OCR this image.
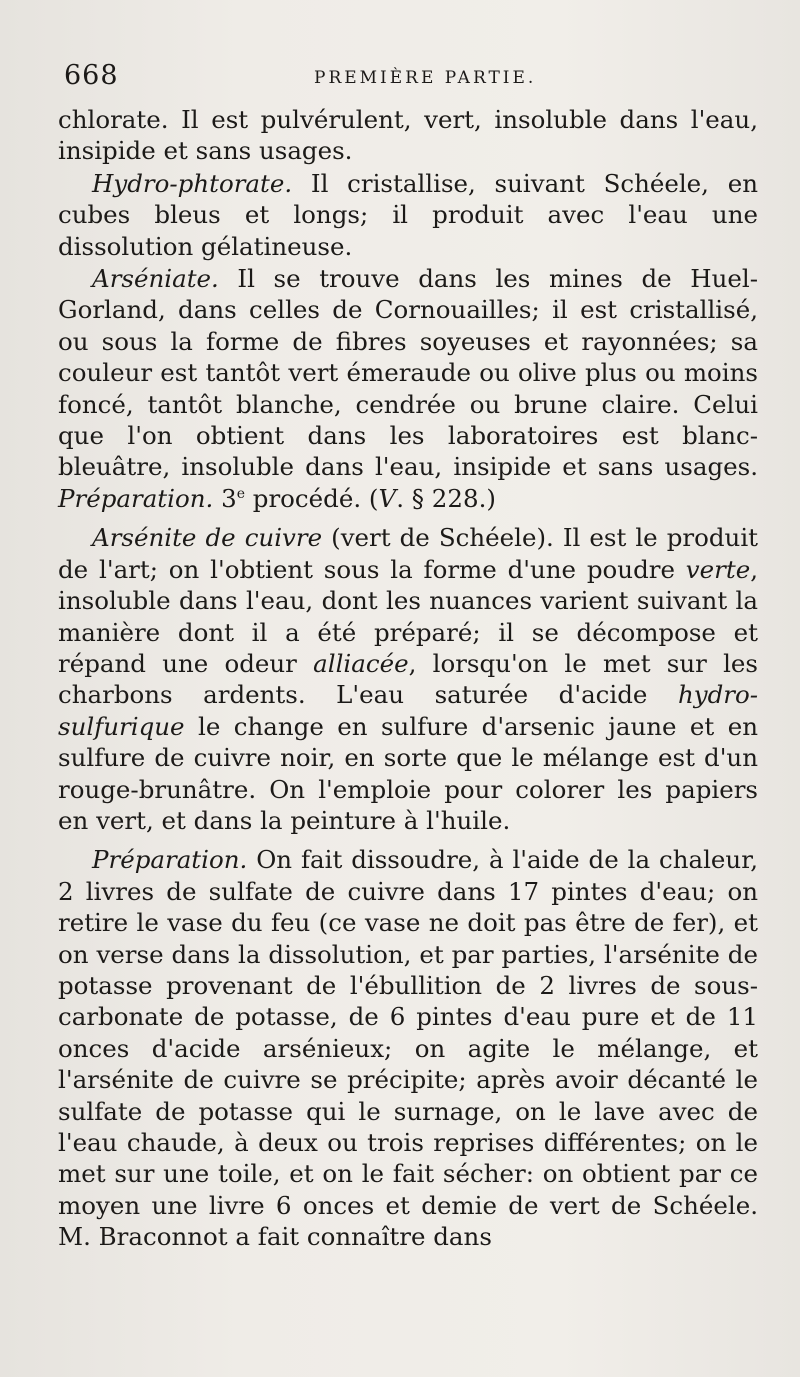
668	PREMIÈRE PARTIE.

chlorate. Il est pulvérulent, vert, insoluble dans l'eau, insipide et sans usages.

Hydro-phtorate. Il cristallise, suivant Schéele, en cubes bleus et longs; il produit avec l'eau une dissolution gélatineuse.

Arséniate. Il se trouve dans les mines de Huel-Gorland, dans celles de Cornouailles; il est cristallisé, ou sous la forme de fibres soyeuses et rayonnées; sa couleur est tantôt vert émeraude ou olive plus ou moins foncé, tantôt blanche, cendrée ou brune claire. Celui que l'on obtient dans les laboratoires est blanc-bleuâtre, insoluble dans l'eau, insipide et sans usages. Préparation. 3e procédé. (V. § 228.)

Arsénite de cuivre (vert de Schéele). Il est le produit de l'art; on l'obtient sous la forme d'une poudre verte, insoluble dans l'eau, dont les nuances varient suivant la manière dont il a été préparé; il se décompose et répand une odeur alliacée, lorsqu'on le met sur les charbons ardents. L'eau saturée d'acide hydro-sulfurique le change en sulfure d'arsenic jaune et en sulfure de cuivre noir, en sorte que le mélange est d'un rouge-brunâtre. On l'emploie pour colorer les papiers en vert, et dans la peinture à l'huile.

Préparation. On fait dissoudre, à l'aide de la chaleur, 2 livres de sulfate de cuivre dans 17 pintes d'eau; on retire le vase du feu (ce vase ne doit pas être de fer), et on verse dans la dissolution, et par parties, l'arsénite de potasse provenant de l'ébullition de 2 livres de sous-carbonate de potasse, de 6 pintes d'eau pure et de 11 onces d'acide arsénieux; on agite le mélange, et l'arsénite de cuivre se précipite; après avoir décanté le sulfate de potasse qui le surnage, on le lave avec de l'eau chaude, à deux ou trois reprises différentes; on le met sur une toile, et on le fait sécher: on obtient par ce moyen une livre 6 onces et demie de vert de Schéele. M. Braconnot a fait connaître dans
